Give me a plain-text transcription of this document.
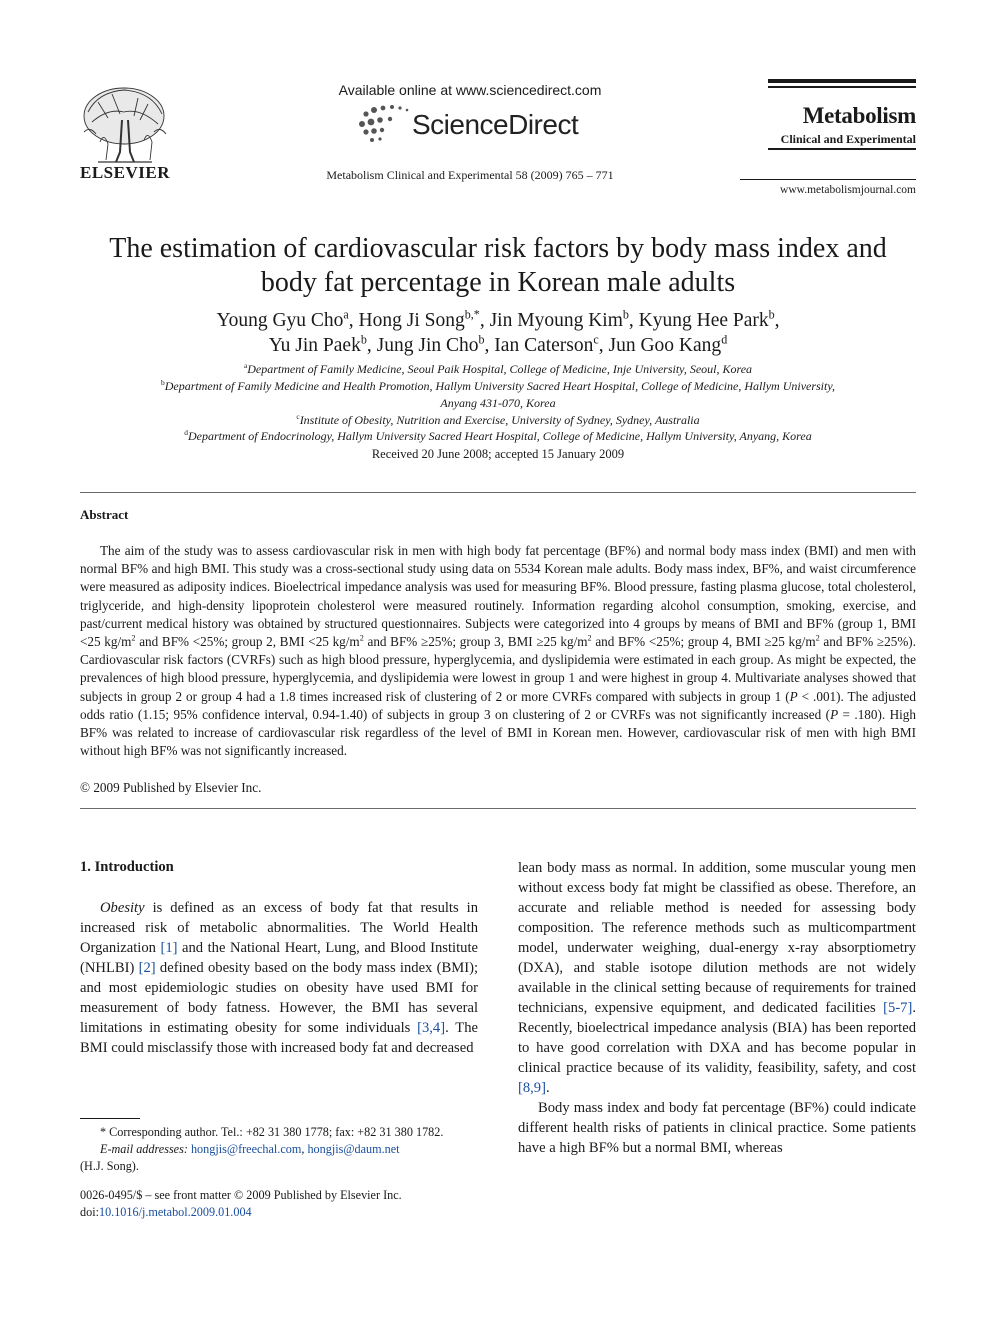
ELSEVIER
Available online at www.sciencedirect.com
ScienceDirect
Metabolism Clinical and Experimental 58 (2009) 765 – 771
Metabolism
Clinical and Experimental
www.metabolismjournal.com
The estimation of cardiovascular risk factors by body mass index and body fat percentage in Korean male adults
Young Gyu Cho$^a$, Hong Ji Song$^{b,*}$, Jin Myoung Kim$^b$, Kyung Hee Park$^b$,
Yu Jin Paek$^b$, Jung Jin Cho$^b$, Ian Caterson$^c$, Jun Goo Kang$^d$
$^a$Department of Family Medicine, Seoul Paik Hospital, College of Medicine, Inje University, Seoul, Korea
$^b$Department of Family Medicine and Health Promotion, Hallym University Sacred Heart Hospital, College of Medicine, Hallym University,
Anyang 431-070, Korea
$^c$Institute of Obesity, Nutrition and Exercise, University of Sydney, Sydney, Australia
$^d$Department of Endocrinology, Hallym University Sacred Heart Hospital, College of Medicine, Hallym University, Anyang, Korea
Received 20 June 2008; accepted 15 January 2009
Abstract

The aim of the study was to assess cardiovascular risk in men with high body fat percentage (BF%) and normal body mass index (BMI) and men with normal BF% and high BMI. This study was a cross-sectional study using data on 5534 Korean male adults. Body mass index, BF%, and waist circumference were measured as adiposity indices. Bioelectrical impedance analysis was used for measuring BF%. Blood pressure, fasting plasma glucose, total cholesterol, triglyceride, and high-density lipoprotein cholesterol were measured routinely. Information regarding alcohol consumption, smoking, exercise, and past/current medical history was obtained by structured questionnaires. Subjects were categorized into 4 groups by means of BMI and BF% (group 1, BMI <25 $kg/m^2$ and BF% <25%; group 2, BMI <25 $kg/m^2$ and BF% ≥25%; group 3, BMI ≥25 $kg/m^2$ and BF% <25%; group 4, BMI ≥25 $kg/m^2$ and BF% ≥25%). Cardiovascular risk factors (CVRFs) such as high blood pressure, hyperglycemia, and dyslipidemia were estimated in each group. As might be expected, the prevalences of high blood pressure, hyperglycemia, and dyslipidemia were lowest in group 1 and were highest in group 4. Multivariate analyses showed that subjects in group 2 or group 4 had a 1.8 times increased risk of clustering of 2 or more CVRFs compared with subjects in group 1 (P < .001). The adjusted odds ratio (1.15; 95% confidence interval, 0.94-1.40) of subjects in group 3 on clustering of 2 or CVRFs was not significantly increased (P = .180). High BF% was related to increase of cardiovascular risk regardless of the level of BMI in Korean men. However, cardiovascular risk of men with high BMI without high BF% was not significantly increased.

© 2009 Published by Elsevier Inc.
1. Introduction

Obesity is defined as an excess of body fat that results in increased risk of metabolic abnormalities. The World Health Organization [1] and the National Heart, Lung, and Blood Institute (NHLBI) [2] defined obesity based on the body mass index (BMI); and most epidemiologic studies on obesity have used BMI for measurement of body fatness. However, the BMI has several limitations in estimating obesity for some individuals [3,4]. The BMI could misclassify those with increased body fat and decreased

lean body mass as normal. In addition, some muscular young men without excess body fat might be classified as obese. Therefore, an accurate and reliable method is needed for assessing body composition. The reference methods such as multicompartment model, underwater weighing, dual-energy x-ray absorptiometry (DXA), and stable isotope dilution methods are not widely available in the clinical setting because of requirements for trained technicians, expensive equipment, and dedicated facilities [5-7]. Recently, bioelectrical impedance analysis (BIA) has been reported to have good correlation with DXA and has become popular in clinical practice because of its validity, feasibility, safety, and cost [8,9].

Body mass index and body fat percentage (BF%) could indicate different health risks of patients in clinical practice. Some patients have a high BF% but a normal BMI, whereas

* Corresponding author. Tel.: +82 31 380 1778; fax: +82 31 380 1782.

E-mail addresses: hongjis@freechal.com, hongjis@daum.net

(H.J. Song).

0026-0495/$ – see front matter © 2009 Published by Elsevier Inc.

doi:10.1016/j.metabol.2009.01.004
